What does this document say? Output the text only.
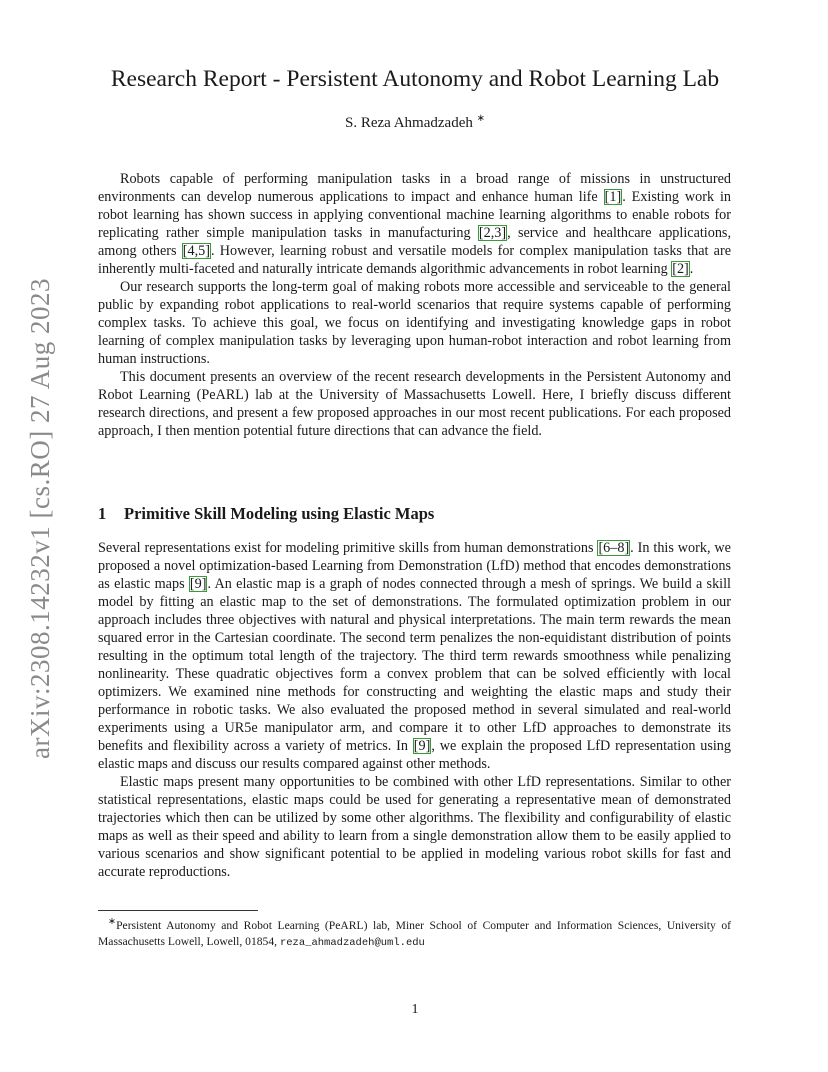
arXiv:2308.14232v1 [cs.RO] 27 Aug 2023
Research Report - Persistent Autonomy and Robot Learning Lab
S. Reza Ahmadzadeh ∗

Robots capable of performing manipulation tasks in a broad range of missions in unstructured environments can develop numerous applications to impact and enhance human life [1]. Existing work in robot learning has shown success in applying conventional machine learning algorithms to enable robots for replicating rather simple manipulation tasks in manufacturing [2,3], service and healthcare applications, among others [4,5]. However, learning robust and versatile models for complex manipulation tasks that are inherently multi-faceted and naturally intricate demands algorithmic advancements in robot learning [2].

Our research supports the long-term goal of making robots more accessible and serviceable to the general public by expanding robot applications to real-world scenarios that require systems capable of performing complex tasks. To achieve this goal, we focus on identifying and investigating knowledge gaps in robot learning of complex manipulation tasks by leveraging upon human-robot interaction and robot learning from human instructions.

This document presents an overview of the recent research developments in the Persistent Autonomy and Robot Learning (PeARL) lab at the University of Massachusetts Lowell. Here, I briefly discuss different research directions, and present a few proposed approaches in our most recent publications. For each proposed approach, I then mention potential future directions that can advance the field.

1 Primitive Skill Modeling using Elastic Maps

Several representations exist for modeling primitive skills from human demonstrations [6–8]. In this work, we proposed a novel optimization-based Learning from Demonstration (LfD) method that encodes demonstrations as elastic maps [9]. An elastic map is a graph of nodes connected through a mesh of springs. We build a skill model by fitting an elastic map to the set of demonstrations. The formulated optimization problem in our approach includes three objectives with natural and physical interpretations. The main term rewards the mean squared error in the Cartesian coordinate. The second term penalizes the non-equidistant distribution of points resulting in the optimum total length of the trajectory. The third term rewards smoothness while penalizing nonlinearity. These quadratic objectives form a convex problem that can be solved efficiently with local optimizers. We examined nine methods for constructing and weighting the elastic maps and study their performance in robotic tasks. We also evaluated the proposed method in several simulated and real-world experiments using a UR5e manipulator arm, and compare it to other LfD approaches to demonstrate its benefits and flexibility across a variety of metrics. In [9], we explain the proposed LfD representation using elastic maps and discuss our results compared against other methods.

Elastic maps present many opportunities to be combined with other LfD representations. Similar to other statistical representations, elastic maps could be used for generating a representative mean of demonstrated trajectories which then can be utilized by some other algorithms. The flexibility and configurability of elastic maps as well as their speed and ability to learn from a single demonstration allow them to be easily applied to various scenarios and show significant potential to be applied in modeling various robot skills for fast and accurate reproductions.

∗Persistent Autonomy and Robot Learning (PeARL) lab, Miner School of Computer and Information Sciences, University of Massachusetts Lowell, Lowell, 01854, reza_ahmadzadeh@uml.edu

1
